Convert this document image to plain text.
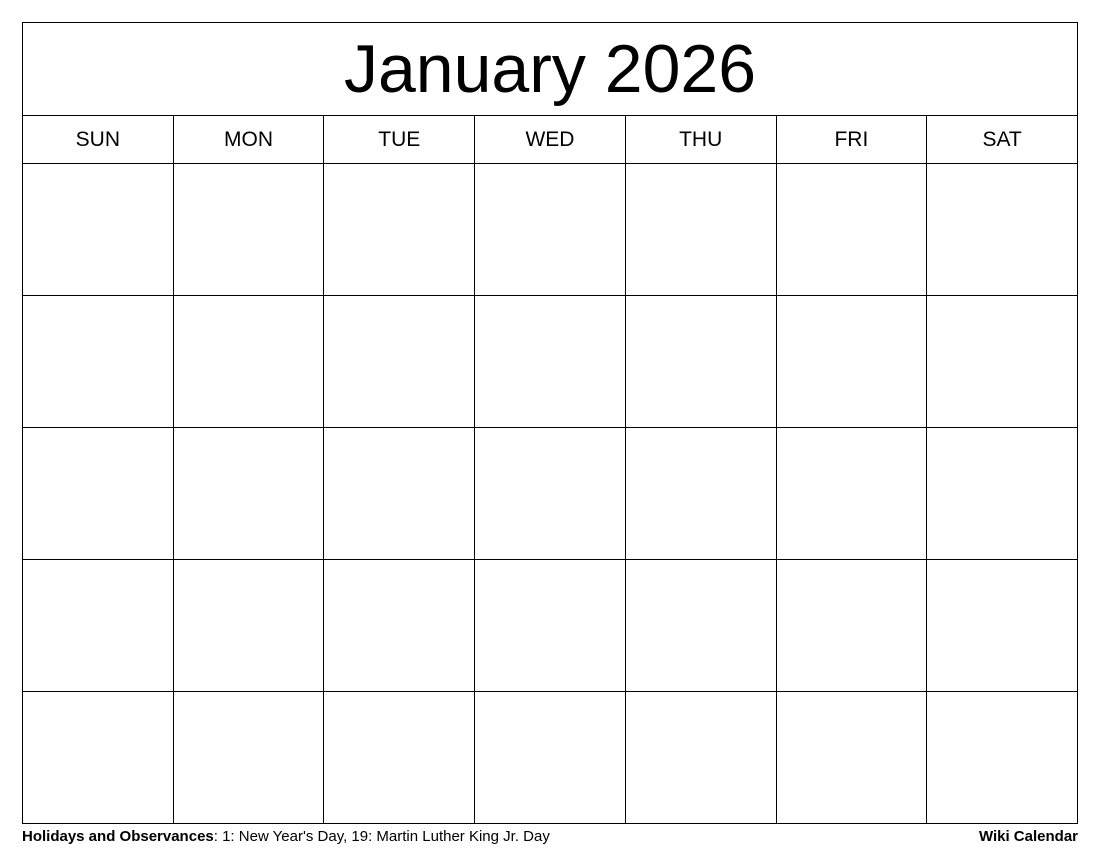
January 2026						
SUN	MON	TUE	WED	THU	FRI	SAT

Holidays and Observances: 1: New Year's Day, 19: Martin Luther King Jr. Day	Wiki Calendar
